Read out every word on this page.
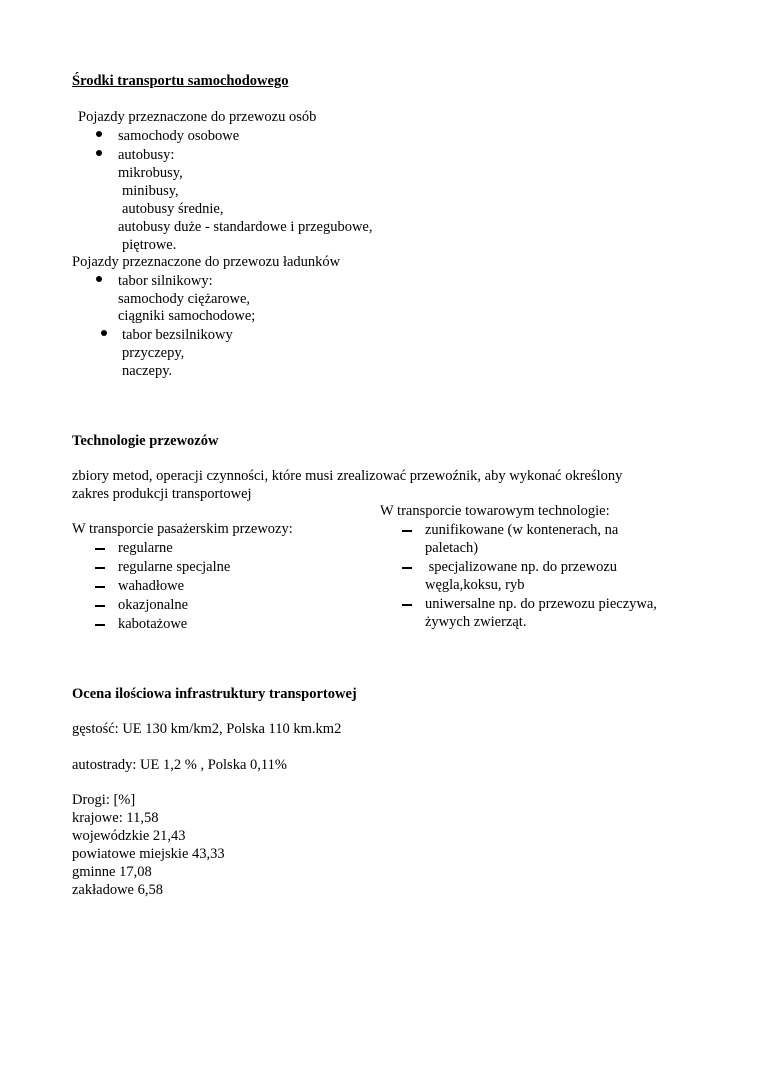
Środki transportu samochodowego
Pojazdy przeznaczone do przewozu osób
samochody osobowe
autobusy:
mikrobusy,
minibusy,
autobusy średnie,
autobusy duże - standardowe i przegubowe,
piętrowe.
Pojazdy przeznaczone do przewozu ładunków
tabor silnikowy:
samochody ciężarowe,
ciągniki samochodowe;
tabor bezsilnikowy
przyczepy,
naczepy.
Technologie przewozów
zbiory metod, operacji czynności, które musi zrealizować przewoźnik, aby wykonać określony
zakres produkcji transportowej
W transporcie pasażerskim przewozy:
regularne
regularne specjalne
wahadłowe
okazjonalne
kabotażowe
W transporcie towarowym technologie:
zunifikowane (w kontenerach, na
paletach)
specjalizowane np. do przewozu
węgla,koksu, ryb
uniwersalne np. do przewozu pieczywa,
żywych zwierząt.
Ocena ilościowa infrastruktury transportowej
gęstość: UE 130 km/km2, Polska 110 km.km2
autostrady: UE 1,2 % , Polska 0,11%
Drogi: [%]
krajowe: 11,58
wojewódzkie 21,43
powiatowe miejskie 43,33
gminne 17,08
zakładowe 6,58
